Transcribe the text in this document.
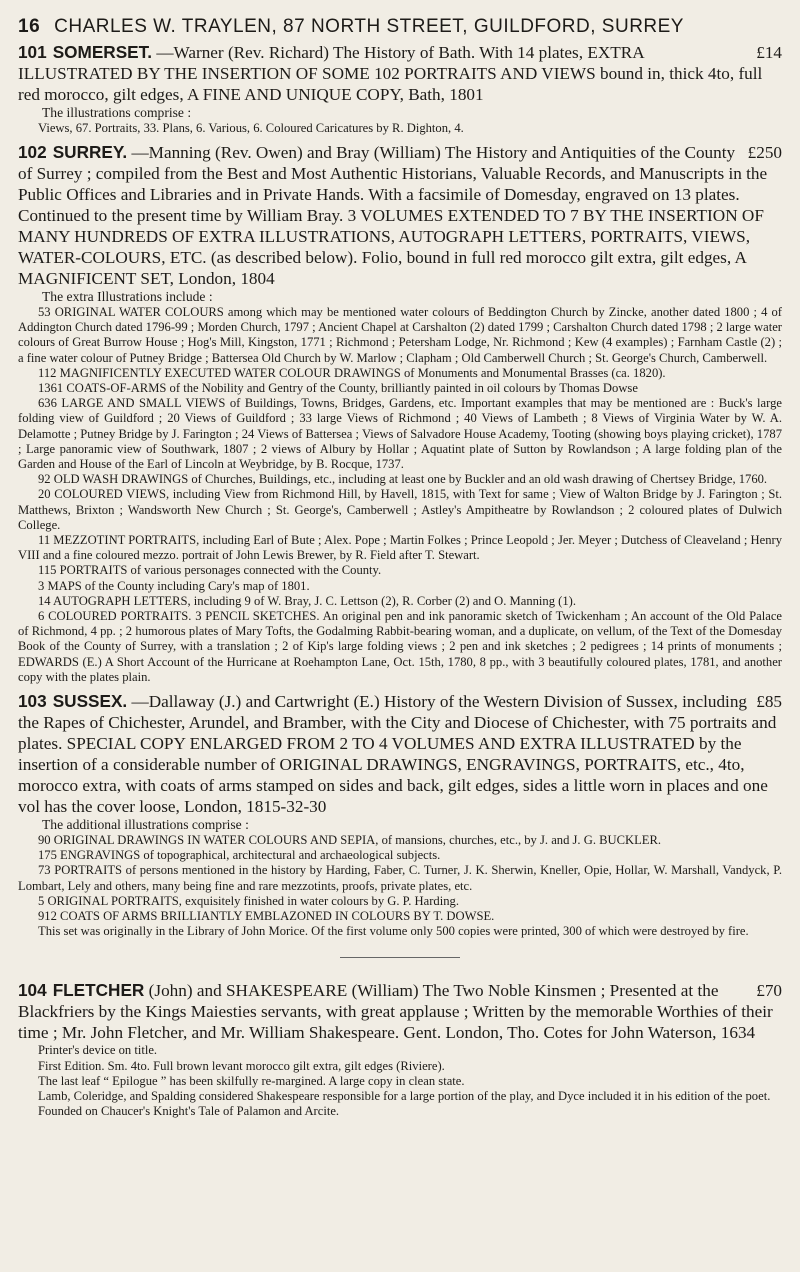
16 CHARLES W. TRAYLEN, 87 NORTH STREET, GUILDFORD, SURREY

£14
101 SOMERSET. —Warner (Rev. Richard) The History of Bath. With 14 plates, EXTRA ILLUSTRATED BY THE INSERTION OF SOME 102 PORTRAITS AND VIEWS bound in, thick 4to, full red morocco, gilt edges, A FINE AND UNIQUE COPY, Bath, 1801

The illustrations comprise :

Views, 67. Portraits, 33. Plans, 6. Various, 6. Coloured Caricatures by R. Dighton, 4.

£250
102 SURREY. —Manning (Rev. Owen) and Bray (William) The History and Antiquities of the County of Surrey ; compiled from the Best and Most Authentic Historians, Valuable Records, and Manuscripts in the Public Offices and Libraries and in Private Hands. With a facsimile of Domesday, engraved on 13 plates. Continued to the present time by William Bray. 3 VOLUMES EXTENDED TO 7 BY THE INSERTION OF MANY HUNDREDS OF EXTRA ILLUSTRATIONS, AUTOGRAPH LETTERS, PORTRAITS, VIEWS, WATER-COLOURS, ETC. (as described below). Folio, bound in full red morocco gilt extra, gilt edges, A MAGNIFICENT SET, London, 1804

The extra Illustrations include :

53 ORIGINAL WATER COLOURS among which may be mentioned water colours of Beddington Church by Zincke, another dated 1800 ; 4 of Addington Church dated 1796-99 ; Morden Church, 1797 ; Ancient Chapel at Carshalton (2) dated 1799 ; Carshalton Church dated 1798 ; 2 large water colours of Great Burrow House ; Hog's Mill, Kingston, 1771 ; Richmond ; Petersham Lodge, Nr. Richmond ; Kew (4 examples) ; Farnham Castle (2) ; a fine water colour of Putney Bridge ; Battersea Old Church by W. Marlow ; Clapham ; Old Camberwell Church ; St. George's Church, Camberwell.

112 MAGNIFICENTLY EXECUTED WATER COLOUR DRAWINGS of Monuments and Monumental Brasses (ca. 1820).

1361 COATS-OF-ARMS of the Nobility and Gentry of the County, brilliantly painted in oil colours by Thomas Dowse

636 LARGE AND SMALL VIEWS of Buildings, Towns, Bridges, Gardens, etc. Important examples that may be mentioned are : Buck's large folding view of Guildford ; 20 Views of Guildford ; 33 large Views of Richmond ; 40 Views of Lambeth ; 8 Views of Virginia Water by W. A. Delamotte ; Putney Bridge by J. Farington ; 24 Views of Battersea ; Views of Salvadore House Academy, Tooting (showing boys playing cricket), 1787 ; Large panoramic view of Southwark, 1807 ; 2 views of Albury by Hollar ; Aquatint plate of Sutton by Rowlandson ; A large folding plan of the Garden and House of the Earl of Lincoln at Weybridge, by B. Rocque, 1737.

92 OLD WASH DRAWINGS of Churches, Buildings, etc., including at least one by Buckler and an old wash drawing of Chertsey Bridge, 1760.

20 COLOURED VIEWS, including View from Richmond Hill, by Havell, 1815, with Text for same ; View of Walton Bridge by J. Farington ; St. Matthews, Brixton ; Wandsworth New Church ; St. George's, Camberwell ; Astley's Ampitheatre by Rowlandson ; 2 coloured plates of Dulwich College.

11 MEZZOTINT PORTRAITS, including Earl of Bute ; Alex. Pope ; Martin Folkes ; Prince Leopold ; Jer. Meyer ; Dutchess of Cleaveland ; Henry VIII and a fine coloured mezzo. portrait of John Lewis Brewer, by R. Field after T. Stewart.

115 PORTRAITS of various personages connected with the County.

3 MAPS of the County including Cary's map of 1801.

14 AUTOGRAPH LETTERS, including 9 of W. Bray, J. C. Lettson (2), R. Corber (2) and O. Manning (1).

6 COLOURED PORTRAITS. 3 PENCIL SKETCHES. An original pen and ink panoramic sketch of Twickenham ; An account of the Old Palace of Richmond, 4 pp. ; 2 humorous plates of Mary Tofts, the Godalming Rabbit-bearing woman, and a duplicate, on vellum, of the Text of the Domesday Book of the County of Surrey, with a translation ; 2 of Kip's large folding views ; 2 pen and ink sketches ; 2 pedigrees ; 14 prints of monuments ; EDWARDS (E.) A Short Account of the Hurricane at Roehampton Lane, Oct. 15th, 1780, 8 pp., with 3 beautifully coloured plates, 1781, and another copy with the plates plain.

£85
103 SUSSEX. —Dallaway (J.) and Cartwright (E.) History of the Western Division of Sussex, including the Rapes of Chichester, Arundel, and Bramber, with the City and Diocese of Chichester, with 75 portraits and plates. SPECIAL COPY ENLARGED FROM 2 TO 4 VOLUMES AND EXTRA ILLUSTRATED by the insertion of a considerable number of ORIGINAL DRAWINGS, ENGRAVINGS, PORTRAITS, etc., 4to, morocco extra, with coats of arms stamped on sides and back, gilt edges, sides a little worn in places and one vol has the cover loose, London, 1815-32-30

The additional illustrations comprise :

90 ORIGINAL DRAWINGS IN WATER COLOURS AND SEPIA, of mansions, churches, etc., by J. and J. G. BUCKLER.

175 ENGRAVINGS of topographical, architectural and archaeological subjects.

73 PORTRAITS of persons mentioned in the history by Harding, Faber, C. Turner, J. K. Sherwin, Kneller, Opie, Hollar, W. Marshall, Vandyck, P. Lombart, Lely and others, many being fine and rare mezzotints, proofs, private plates, etc.

5 ORIGINAL PORTRAITS, exquisitely finished in water colours by G. P. Harding.

912 COATS OF ARMS BRILLIANTLY EMBLAZONED IN COLOURS BY T. DOWSE.

This set was originally in the Library of John Morice. Of the first volume only 500 copies were printed, 300 of which were destroyed by fire.

£70
104 FLETCHER (John) and SHAKESPEARE (William) The Two Noble Kinsmen ; Presented at the Blackfriers by the Kings Maiesties servants, with great applause ; Written by the memorable Worthies of their time ; Mr. John Fletcher, and Mr. William Shakespeare. Gent. London, Tho. Cotes for John Waterson, 1634

Printer's device on title.

First Edition. Sm. 4to. Full brown levant morocco gilt extra, gilt edges (Riviere).

The last leaf “ Epilogue ” has been skilfully re-margined. A large copy in clean state.

Lamb, Coleridge, and Spalding considered Shakespeare responsible for a large portion of the play, and Dyce included it in his edition of the poet.

Founded on Chaucer's Knight's Tale of Palamon and Arcite.
